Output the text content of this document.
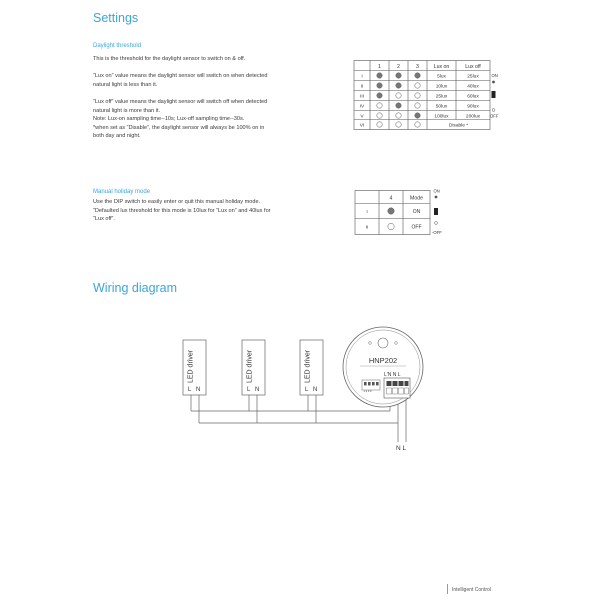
Settings
Daylight threshold
This is the threshold for the daylight sensor to switch on & off.
“Lux on” value means the daylight sensor will switch on when detected
natural light is less than it.
“Lux off” value means the daylight sensor will switch off when detected
natural light is more than it.
Note: Lux-on sampling time--10s; Lux-off sampling time--30s.
*when set as “Disable”, the daylight sensor will always be 100% on in
both day and night.
1	2	3	Lux on	Lux off
I	5lux	25lux
II	10lux	40lux
III	25lux	60lux
IV	50lux	90lux
V	100lux	200lux
VI	Disable *
ON
OFF
Manual holiday mode
Use the DIP switch to easily enter or quit this manual holiday mode.
“Defaulted lux threshold for this mode is 10lux for “Lux on” and 40lux for
“Lux off”.
4	Mode
I	ON
II	OFF
ON
-OFF
Wiring diagram
LED driver
L N
LED driver
L N
LED driver
L N
HNP202
L'N N L
1 2 3 4
N L
Intelligent Control
